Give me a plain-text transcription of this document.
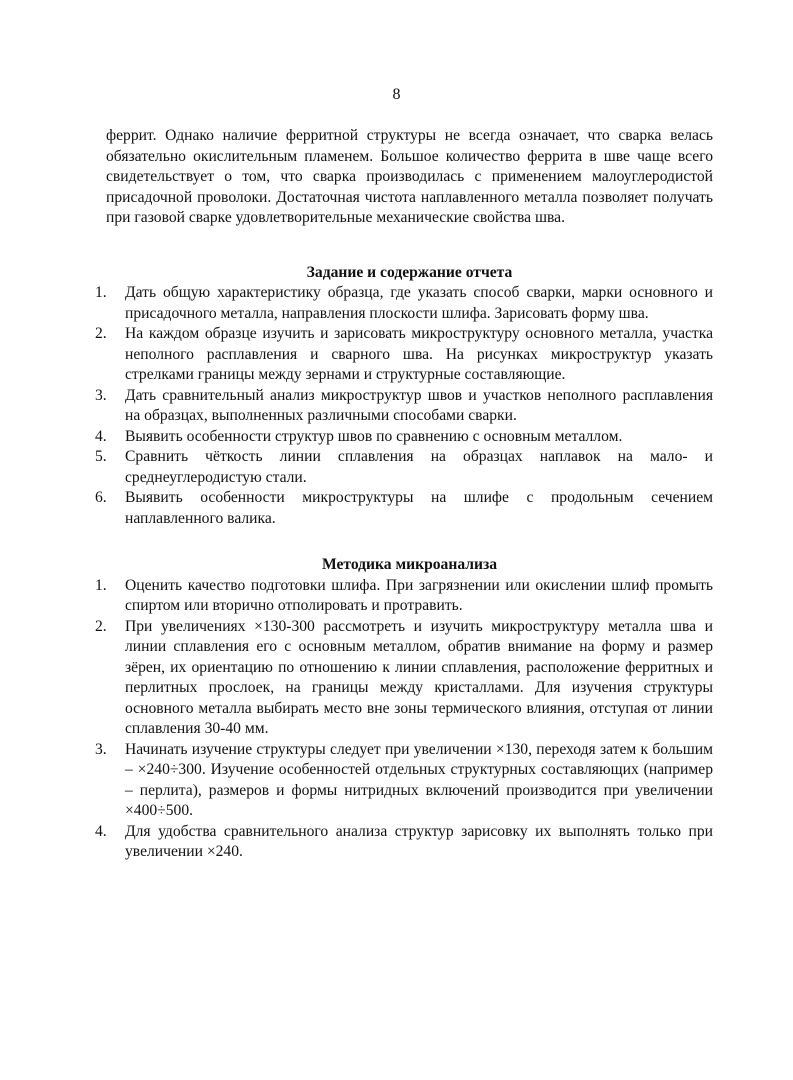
8

феррит. Однако наличие ферритной структуры не всегда означает, что сварка велась обязательно окислительным пламенем. Большое количество феррита в шве чаще всего свидетельствует о том, что сварка производилась с применением малоуглеродистой присадочной проволоки. Достаточная чистота наплавленного металла позволяет получать при газовой сварке удовлетворительные механические свойства шва.

Задание и содержание отчета
1.	Дать общую характеристику образца, где указать способ сварки, марки основного и присадочного металла, направления плоскости шлифа. Зарисовать форму шва.
2.	На каждом образце изучить и зарисовать микроструктуру основного металла, участка неполного расплавления и сварного шва. На рисунках микроструктур указать стрелками границы между зернами и структурные составляющие.
3.	Дать сравнительный анализ микроструктур швов и участков неполного расплавления на образцах, выполненных различными способами сварки.
4.	Выявить особенности структур швов по сравнению с основным металлом.
5.	Сравнить чёткость линии сплавления на образцах наплавок на мало- и среднеуглеродистую стали.
6.	Выявить особенности микроструктуры на шлифе с продольным сечением наплавленного валика.
Методика микроанализа
1.	Оценить качество подготовки шлифа. При загрязнении или окислении шлиф промыть спиртом или вторично отполировать и протравить.
2.	При увеличениях ×130-300 рассмотреть и изучить микроструктуру металла шва и линии сплавления его с основным металлом, обратив внимание на форму и размер зёрен, их ориентацию по отношению к линии сплавления, расположение ферритных и перлитных прослоек, на границы между кристаллами. Для изучения структуры основного металла выбирать место вне зоны термического влияния, отступая от линии сплавления 30-40 мм.
3.	Начинать изучение структуры следует при увеличении ×130, переходя затем к большим – ×240÷300. Изучение особенностей отдельных структурных составляющих (например – перлита), размеров и формы нитридных включений производится при увеличении ×400÷500.
4.	Для удобства сравнительного анализа структур зарисовку их выполнять только при увеличении ×240.
